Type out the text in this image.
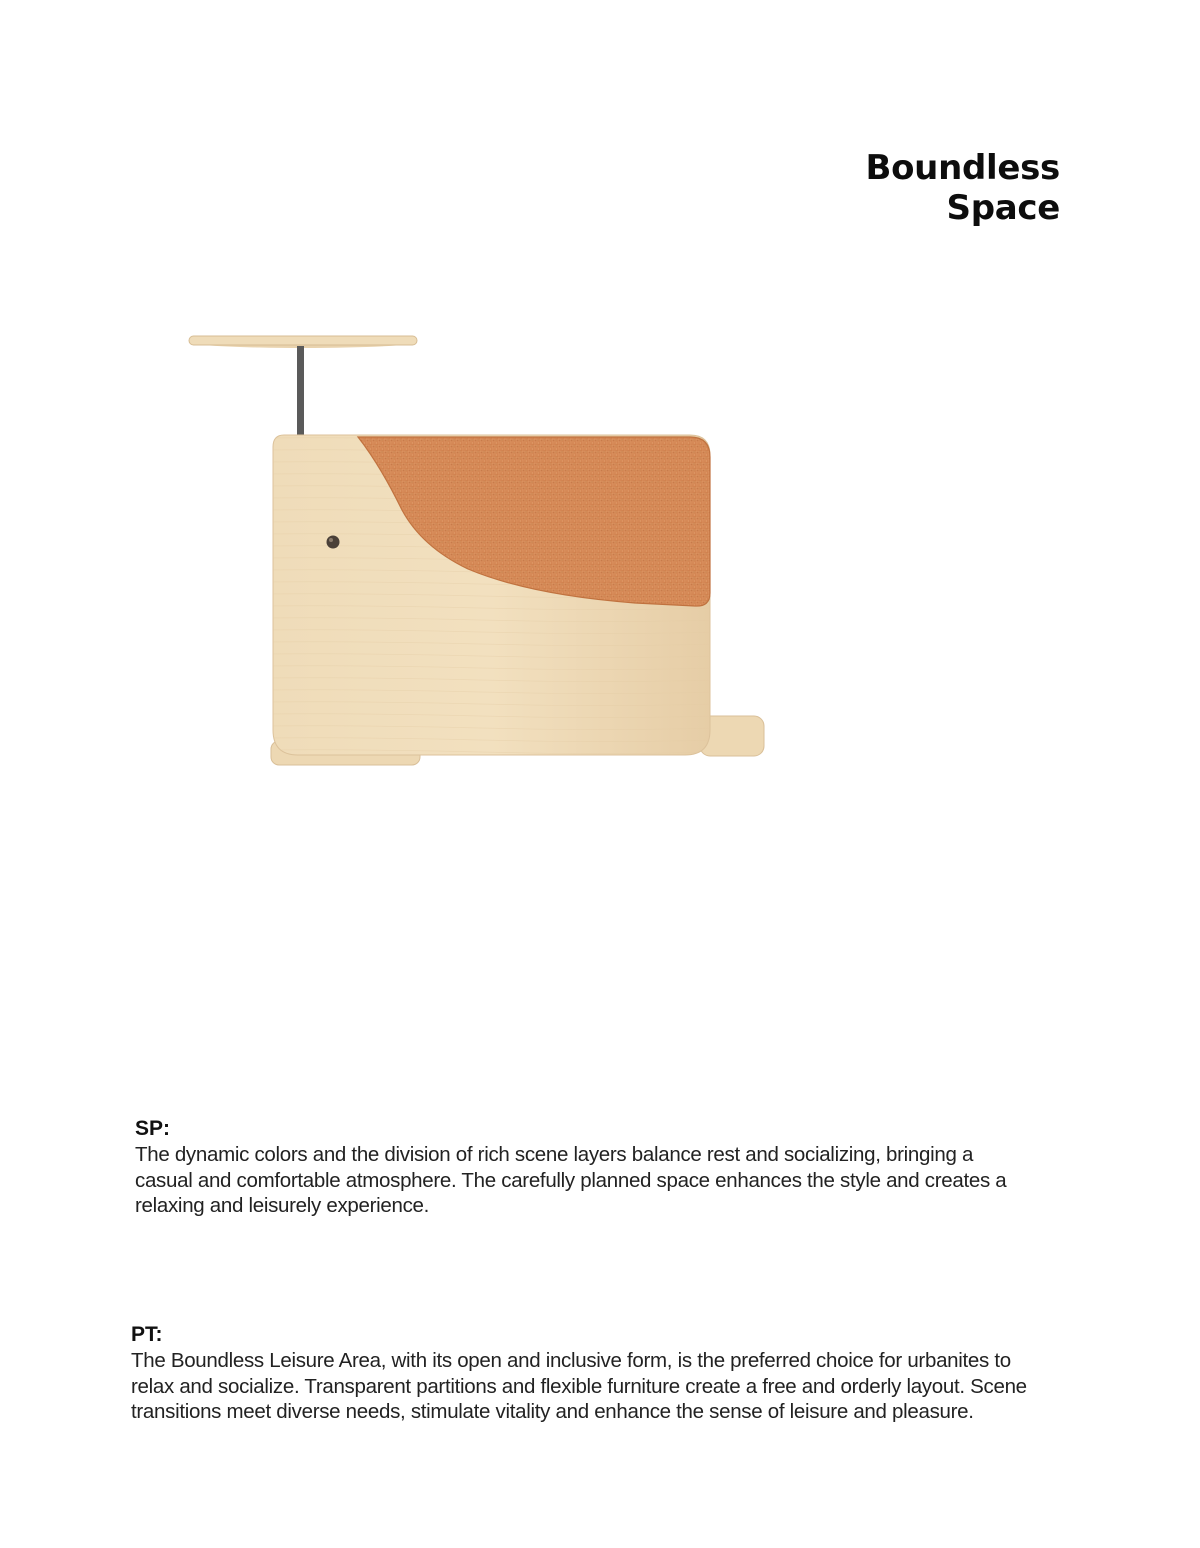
Boundless Space
SP:

The dynamic colors and the division of rich scene layers balance rest and socializing, bringing a casual and comfortable atmosphere. The carefully planned space enhances the style and creates a relaxing and leisurely experience.

PT:

The Boundless Leisure Area, with its open and inclusive form, is the preferred choice for urbanites to relax and socialize. Transparent partitions and flexible furniture create a free and orderly layout. Scene transitions meet diverse needs, stimulate vitality and enhance the sense of leisure and pleasure.
